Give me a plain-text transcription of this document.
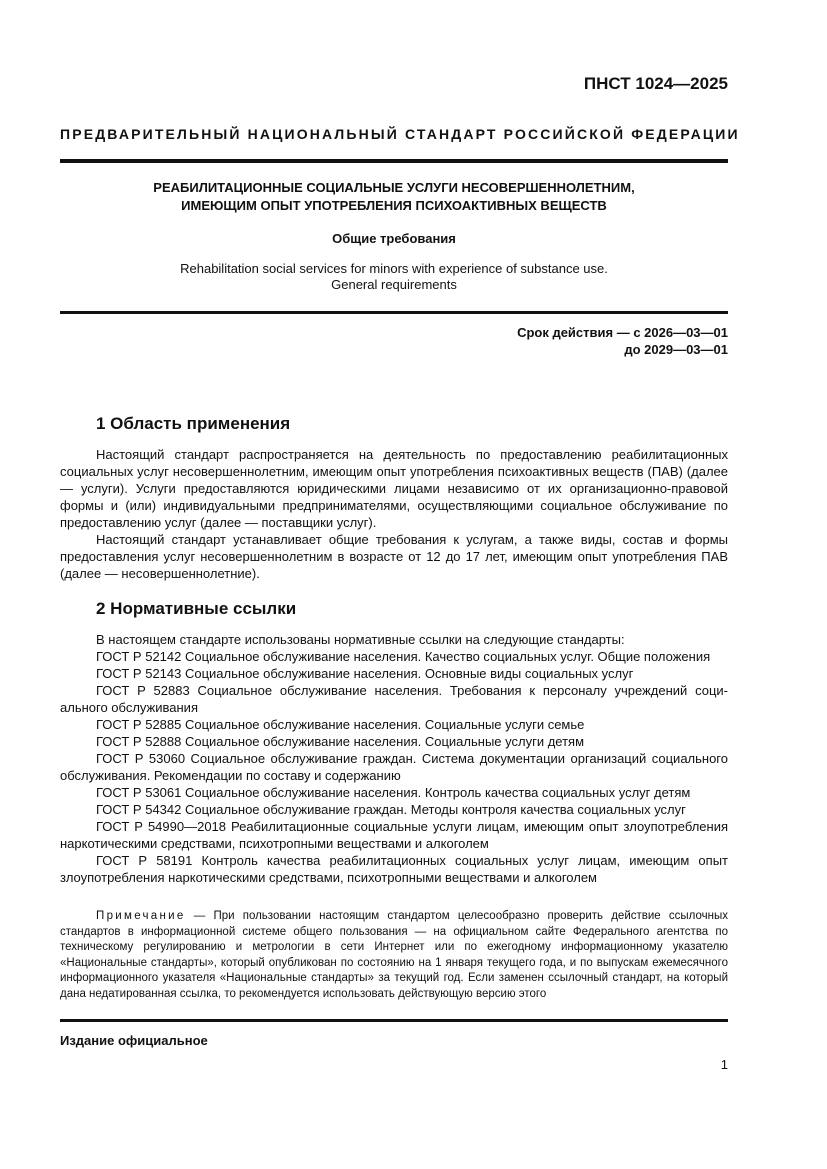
ПНСТ 1024—2025
ПРЕДВАРИТЕЛЬНЫЙ НАЦИОНАЛЬНЫЙ СТАНДАРТ РОССИЙСКОЙ ФЕДЕРАЦИИ
РЕАБИЛИТАЦИОННЫЕ СОЦИАЛЬНЫЕ УСЛУГИ НЕСОВЕРШЕННОЛЕТНИМ,
ИМЕЮЩИМ ОПЫТ УПОТРЕБЛЕНИЯ ПСИХОАКТИВНЫХ ВЕЩЕСТВ
Общие требования
Rehabilitation social services for minors with experience of substance use.
General requirements
Срок действия — с 2026—03—01
до 2029—03—01
1 Область применения

Настоящий стандарт распространяется на деятельность по предоставлению реабилитационных социальных услуг несовершеннолетним, имеющим опыт употребления психоактивных веществ (ПАВ) (далее — услуги). Услуги предоставляются юридическими лицами независимо от их организационно-правовой формы и (или) индивидуальными предпринимателями, осуществляющими социальное обслуживание по предоставлению услуг (далее — поставщики услуг).

Настоящий стандарт устанавливает общие требования к услугам, а также виды, состав и формы предоставления услуг несовершеннолетним в возрасте от 12 до 17 лет, имеющим опыт употребления ПАВ (далее — несовершеннолетние).

2 Нормативные ссылки

В настоящем стандарте использованы нормативные ссылки на следующие стандарты:

ГОСТ Р 52142 Социальное обслуживание населения. Качество социальных услуг. Общие положения

ГОСТ Р 52143 Социальное обслуживание населения. Основные виды социальных услуг

ГОСТ Р 52883 Социальное обслуживание населения. Требования к персоналу учреждений социального обслуживания

ГОСТ Р 52885 Социальное обслуживание населения. Социальные услуги семье

ГОСТ Р 52888 Социальное обслуживание населения. Социальные услуги детям

ГОСТ Р 53060 Социальное обслуживание граждан. Система документации организаций социального обслуживания. Рекомендации по составу и содержанию

ГОСТ Р 53061 Социальное обслуживание населения. Контроль качества социальных услуг детям

ГОСТ Р 54342 Социальное обслуживание граждан. Методы контроля качества социальных услуг

ГОСТ Р 54990—2018 Реабилитационные социальные услуги лицам, имеющим опыт злоупотребления наркотическими средствами, психотропными веществами и алкоголем

ГОСТ Р 58191 Контроль качества реабилитационных социальных услуг лицам, имеющим опыт злоупотребления наркотическими средствами, психотропными веществами и алкоголем

Примечание — При пользовании настоящим стандартом целесообразно проверить действие ссылочных стандартов в информационной системе общего пользования — на официальном сайте Федерального агентства по техническому регулированию и метрологии в сети Интернет или по ежегодному информационному указателю «Национальные стандарты», который опубликован по состоянию на 1 января текущего года, и по выпускам ежемесячного информационного указателя «Национальные стандарты» за текущий год. Если заменен ссылочный стандарт, на который дана недатированная ссылка, то рекомендуется использовать действующую версию этого

Издание официальное
1
